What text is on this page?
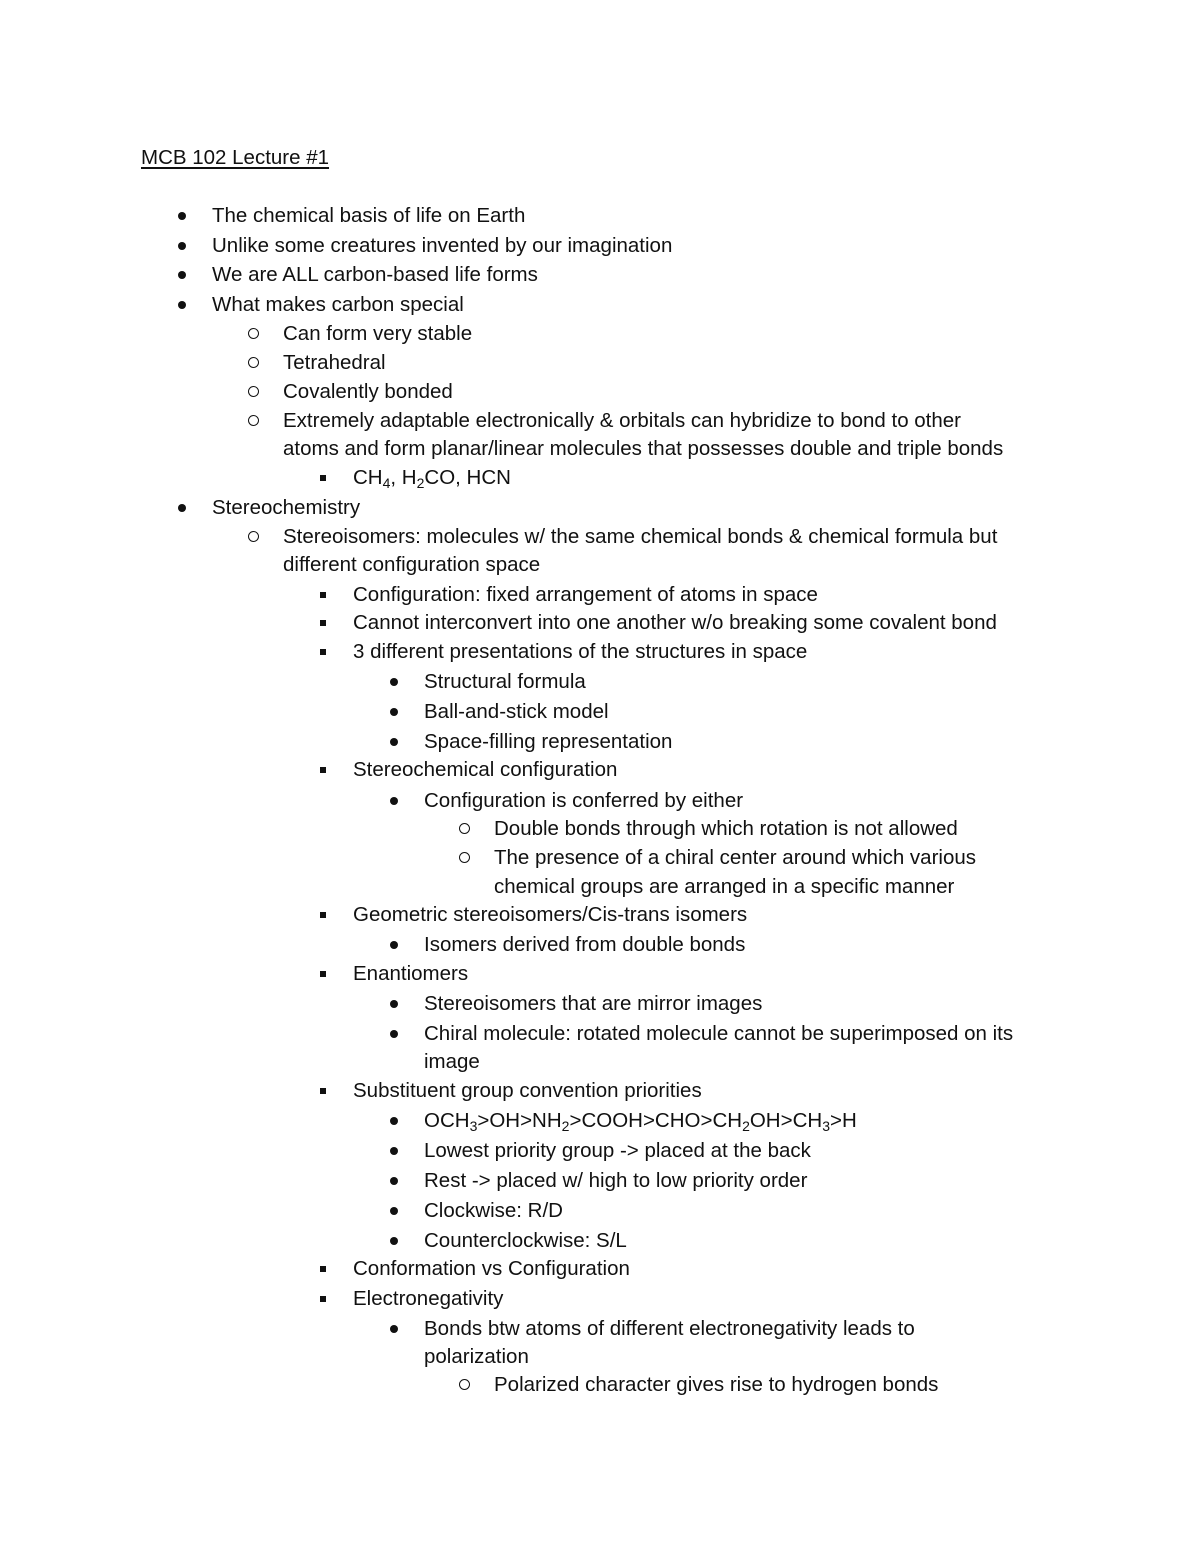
MCB 102 Lecture #1
The chemical basis of life on Earth
Unlike some creatures invented by our imagination
We are ALL carbon-based life forms
What makes carbon special
Can form very stable
Tetrahedral
Covalently bonded
Extremely adaptable electronically & orbitals can hybridize to bond to other
atoms and form planar/linear molecules that possesses double and triple bonds
$CH_4$, $H_2CO$, HCN
Stereochemistry
Stereoisomers: molecules w/ the same chemical bonds & chemical formula but
different configuration space
Configuration: fixed arrangement of atoms in space
Cannot interconvert into one another w/o breaking some covalent bond
3 different presentations of the structures in space
Structural formula
Ball-and-stick model
Space-filling representation
Stereochemical configuration
Configuration is conferred by either
Double bonds through which rotation is not allowed
The presence of a chiral center around which various
chemical groups are arranged in a specific manner
Geometric stereoisomers/Cis-trans isomers
Isomers derived from double bonds
Enantiomers
Stereoisomers that are mirror images
Chiral molecule: rotated molecule cannot be superimposed on its
image
Substituent group convention priorities
$OCH_3>OH>NH_2>COOH>CHO>CH_2OH>CH_3>H$
Lowest priority group -> placed at the back
Rest -> placed w/ high to low priority order
Clockwise: R/D
Counterclockwise: S/L
Conformation vs Configuration
Electronegativity
Bonds btw atoms of different electronegativity leads to
polarization
Polarized character gives rise to hydrogen bonds
